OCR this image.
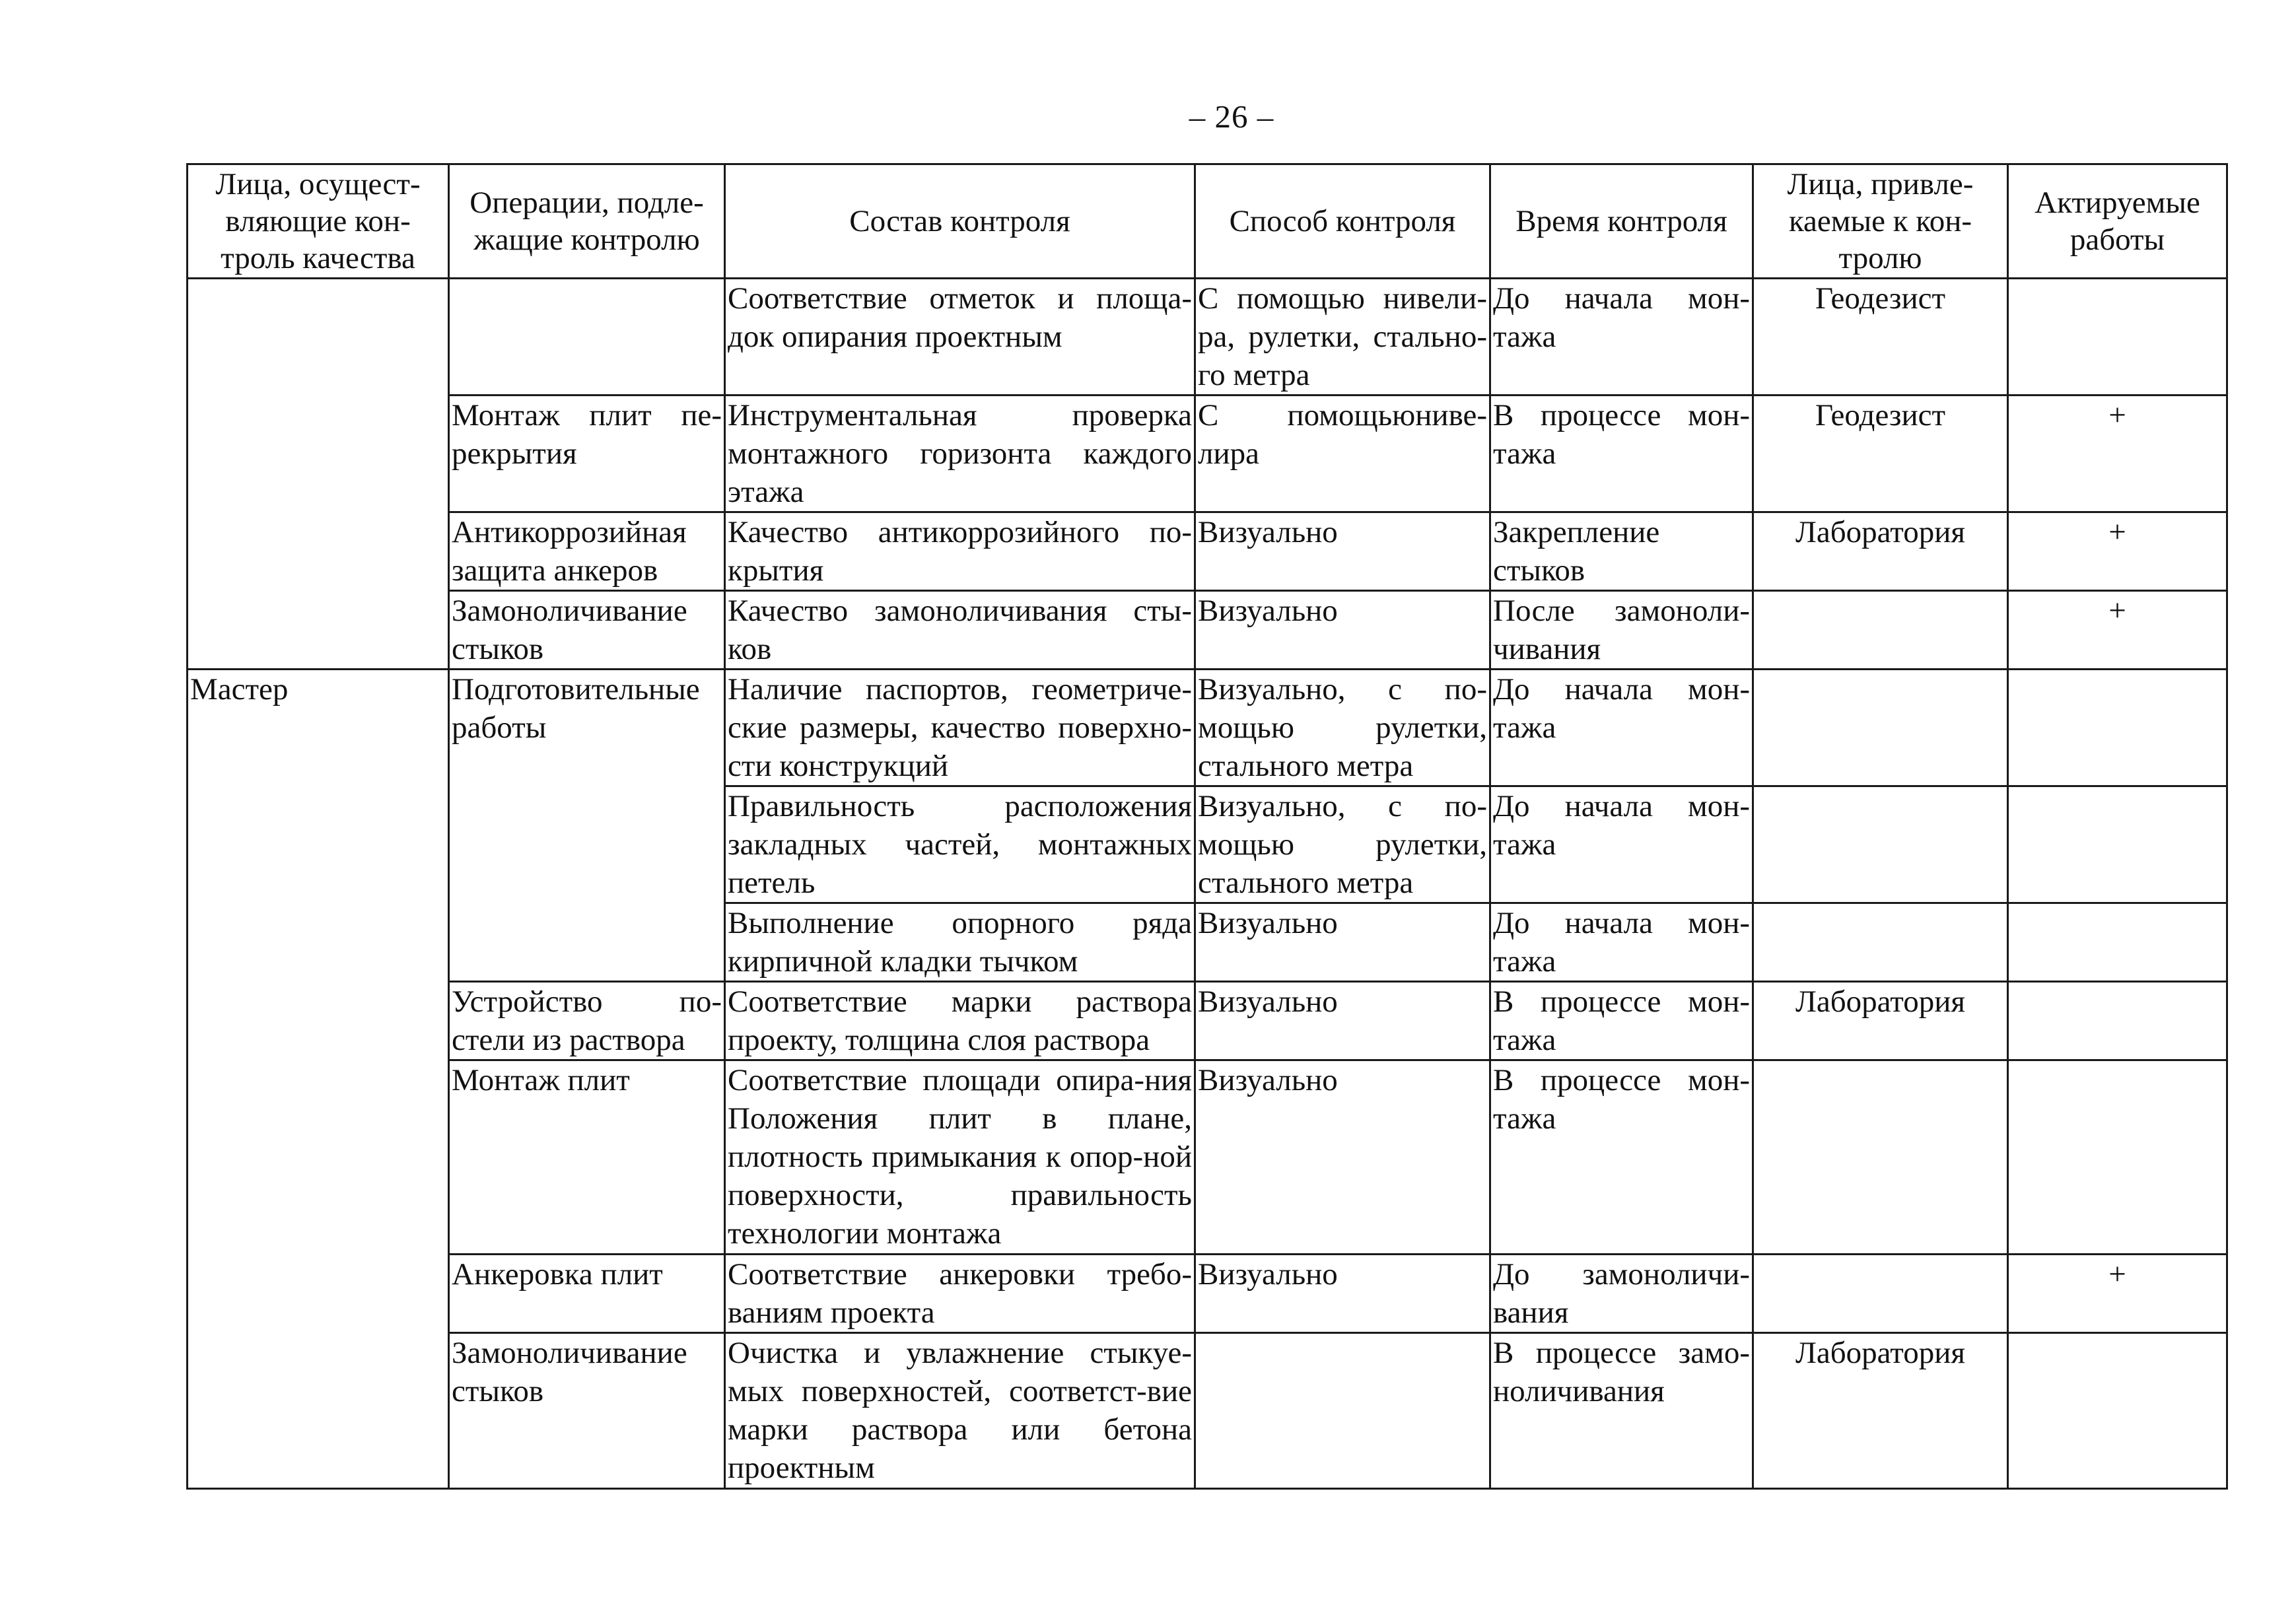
– 26 –
Лица, осущест-вляющие кон-троль качества	Операции, подле-жащие контролю	Состав контроля	Способ контроля	Время контроля	Лица, привле-каемые к кон-тролю	Актируемые работы
		Соответствие отметок и площа-док опирания проектным	С помощью нивели-ра, рулетки, стально-го метра	До начала мон-тажа	Геодезист	
	Монтаж плит пе-рекрытия	Инструментальная проверка монтажного горизонта каждого этажа	С помощьюниве-лира	В процессе мон-тажа	Геодезист	+
	Антикоррозийная защита анкеров	Качество антикоррозийного по-крытия	Визуально	Закрепление стыков	Лаборатория	+
	Замоноличивание стыков	Качество замоноличивания сты-ков	Визуально	После замоноли-чивания		+
Мастер	Подготовительные работы	Наличие паспортов, геометриче-ские размеры, качество поверхно-сти конструкций	Визуально, с по-мощью рулетки, стального метра	До начала мон-тажа		
		Правильность расположения закладных частей, монтажных петель	Визуально, с по-мощью рулетки, стального метра	До начала мон-тажа		
		Выполнение опорного ряда кирпичной кладки тычком	Визуально	До начала мон-тажа		
	Устройство по-стели из раствора	Соответствие марки раствора проекту, толщина слоя раствора	Визуально	В процессе мон-тажа	Лаборатория	
	Монтаж плит	Соответствие площади опира-ния Положения плит в плане, плотность примыкания к опор-ной поверхности, правильность технологии монтажа	Визуально	В процессе мон-тажа		
	Анкеровка плит	Соответствие анкеровки требо-ваниям проекта	Визуально	До замоноличи-вания		+
	Замоноличивание стыков	Очистка и увлажнение стыкуе-мых поверхностей, соответст-вие марки раствора или бетона проектным		В процессе замо-ноличивания	Лаборатория	
